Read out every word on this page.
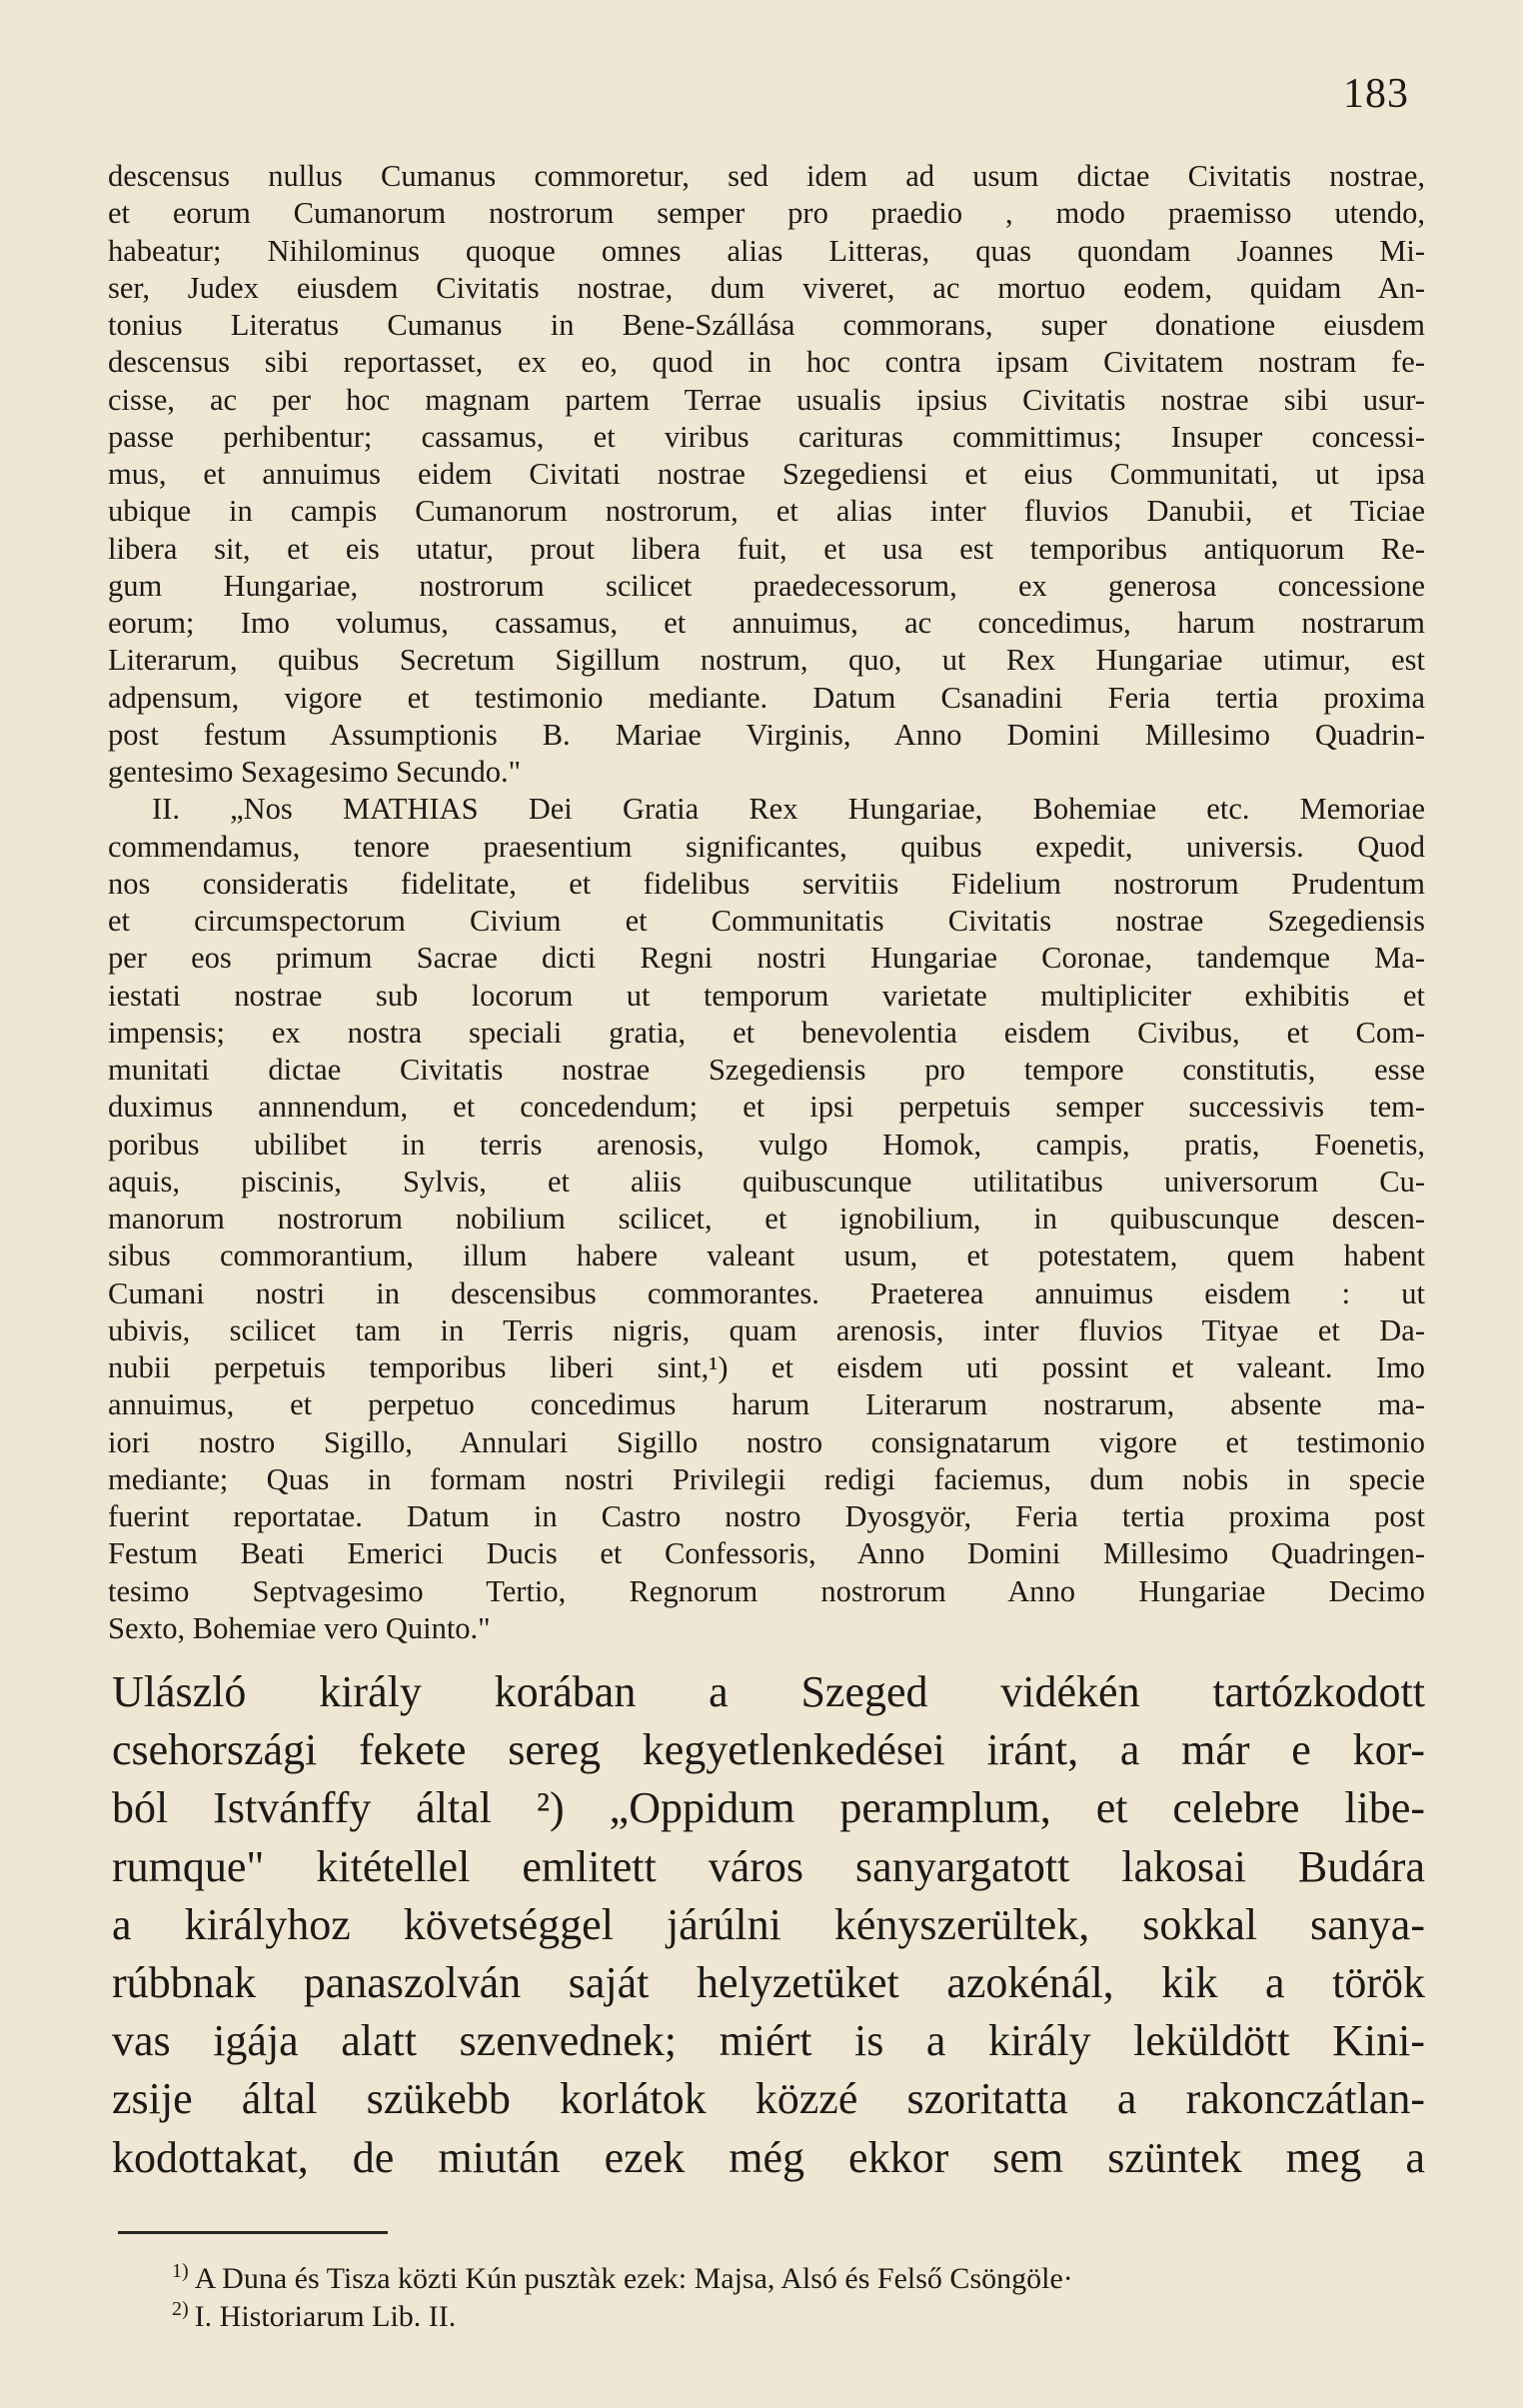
183
descensus nullus Cumanus commoretur, sed idem ad usum dictae Civitatis nostrae,
et eorum Cumanorum nostrorum semper pro praedio , modo praemisso utendo,
habeatur; Nihilominus quoque omnes alias Litteras, quas quondam Joannes Mi-
ser, Judex eiusdem Civitatis nostrae, dum viveret, ac mortuo eodem, quidam An-
tonius Literatus Cumanus in Bene-Szállása commorans, super donatione eiusdem
descensus sibi reportasset, ex eo, quod in hoc contra ipsam Civitatem nostram fe-
cisse, ac per hoc magnam partem Terrae usualis ipsius Civitatis nostrae sibi usur-
passe perhibentur; cassamus, et viribus carituras committimus; Insuper concessi-
mus, et annuimus eidem Civitati nostrae Szegediensi et eius Communitati, ut ipsa
ubique in campis Cumanorum nostrorum, et alias inter fluvios Danubii, et Ticiae
libera sit, et eis utatur, prout libera fuit, et usa est temporibus antiquorum Re-
gum Hungariae, nostrorum scilicet praedecessorum, ex generosa concessione
eorum; Imo volumus, cassamus, et annuimus, ac concedimus, harum nostrarum
Literarum, quibus Secretum Sigillum nostrum, quo, ut Rex Hungariae utimur, est
adpensum, vigore et testimonio mediante. Datum Csanadini Feria tertia proxima
post festum Assumptionis B. Mariae Virginis, Anno Domini Millesimo Quadrin-
gentesimo Sexagesimo Secundo."
II. „Nos MATHIAS Dei Gratia Rex Hungariae, Bohemiae etc. Memoriae
commendamus, tenore praesentium significantes, quibus expedit, universis. Quod
nos consideratis fidelitate, et fidelibus servitiis Fidelium nostrorum Prudentum
et circumspectorum Civium et Communitatis Civitatis nostrae Szegediensis
per eos primum Sacrae dicti Regni nostri Hungariae Coronae, tandemque Ma-
iestati nostrae sub locorum ut temporum varietate multipliciter exhibitis et
impensis; ex nostra speciali gratia, et benevolentia eisdem Civibus, et Com-
munitati dictae Civitatis nostrae Szegediensis pro tempore constitutis, esse
duximus annnendum, et concedendum; et ipsi perpetuis semper successivis tem-
poribus ubilibet in terris arenosis, vulgo Homok, campis, pratis, Foenetis,
aquis, piscinis, Sylvis, et aliis quibuscunque utilitatibus universorum Cu-
manorum nostrorum nobilium scilicet, et ignobilium, in quibuscunque descen-
sibus commorantium, illum habere valeant usum, et potestatem, quem habent
Cumani nostri in descensibus commorantes. Praeterea annuimus eisdem : ut
ubivis, scilicet tam in Terris nigris, quam arenosis, inter fluvios Tityae et Da-
nubii perpetuis temporibus liberi sint,¹) et eisdem uti possint et valeant. Imo
annuimus, et perpetuo concedimus harum Literarum nostrarum, absente ma-
iori nostro Sigillo, Annulari Sigillo nostro consignatarum vigore et testimonio
mediante; Quas in formam nostri Privilegii redigi faciemus, dum nobis in specie
fuerint reportatae. Datum in Castro nostro Dyosgyör, Feria tertia proxima post
Festum Beati Emerici Ducis et Confessoris, Anno Domini Millesimo Quadringen-
tesimo Septvagesimo Tertio, Regnorum nostrorum Anno Hungariae Decimo
Sexto, Bohemiae vero Quinto."
Ulászló király korában a Szeged vidékén tartózkodott
csehországi fekete sereg kegyetlenkedései iránt, a már e kor-
ból Istvánffy által ²) „Oppidum peramplum, et celebre libe-
rumque" kitétellel emlitett város sanyargatott lakosai Budára
a királyhoz követséggel járúlni kényszerültek, sokkal sanya-
rúbbnak panaszolván saját helyzetüket azokénál, kik a török
vas igája alatt szenvednek; miért is a király leküldött Kini-
zsije által szükebb korlátok közzé szoritatta a rakonczátlan-
kodottakat, de miután ezek még ekkor sem szüntek meg a
$^{1)}$ A Duna és Tisza közti Kún pusztàk ezek: Majsa, Alsó és Felső Csöngöle·
$^{2)}$ I. Historiarum Lib. II.
